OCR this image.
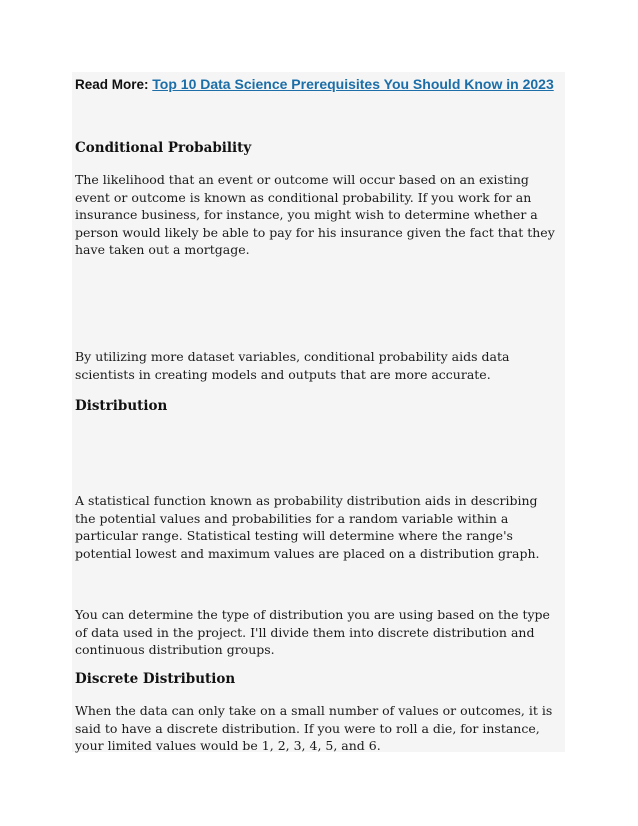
Read More: Top 10 Data Science Prerequisites You Should Know in 2023

Conditional Probability

The likelihood that an event or outcome will occur based on an existing event or outcome is known as conditional probability. If you work for an insurance business, for instance, you might wish to determine whether a person would likely be able to pay for his insurance given the fact that they have taken out a mortgage.

By utilizing more dataset variables, conditional probability aids data scientists in creating models and outputs that are more accurate.

Distribution

A statistical function known as probability distribution aids in describing the potential values and probabilities for a random variable within a particular range. Statistical testing will determine where the range's potential lowest and maximum values are placed on a distribution graph.

You can determine the type of distribution you are using based on the type of data used in the project. I'll divide them into discrete distribution and continuous distribution groups.

Discrete Distribution

When the data can only take on a small number of values or outcomes, it is said to have a discrete distribution. If you were to roll a die, for instance, your limited values would be 1, 2, 3, 4, 5, and 6.
